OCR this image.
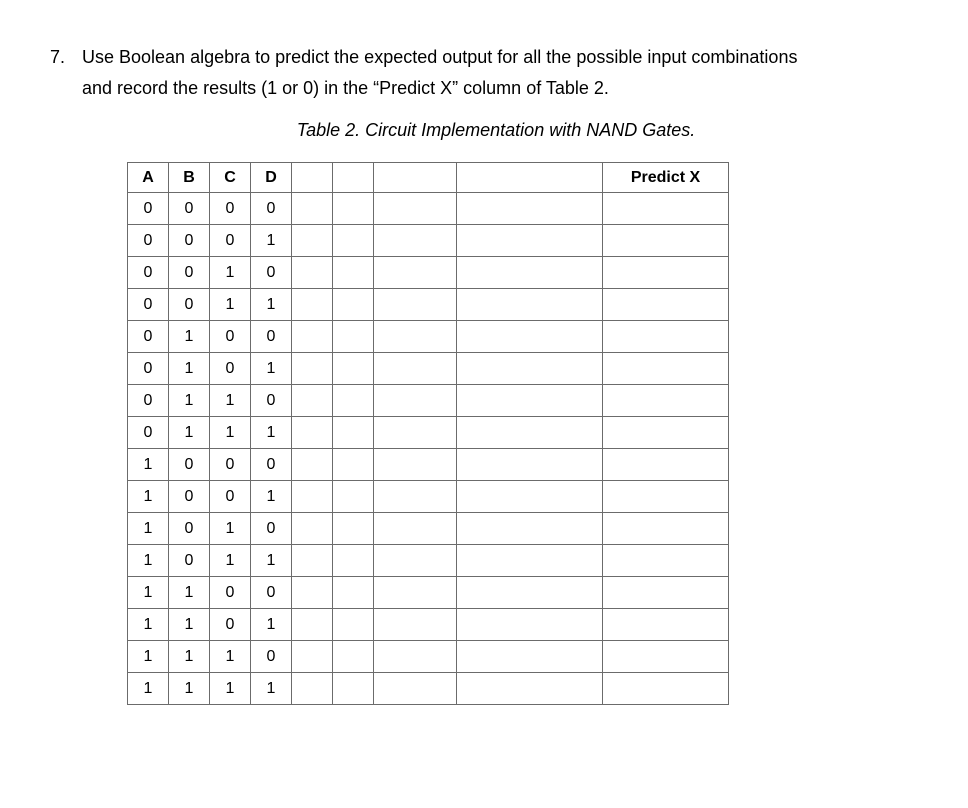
7. Use Boolean algebra to predict the expected output for all the possible input combinations
and record the results (1 or 0) in the “Predict X” column of Table 2.
Table 2. Circuit Implementation with NAND Gates.
A	B	C	D					Predict X
0	0	0	0					
0	0	0	1					
0	0	1	0					
0	0	1	1					
0	1	0	0					
0	1	0	1					
0	1	1	0					
0	1	1	1					
1	0	0	0					
1	0	0	1					
1	0	1	0					
1	0	1	1					
1	1	0	0					
1	1	0	1					
1	1	1	0					
1	1	1	1					
